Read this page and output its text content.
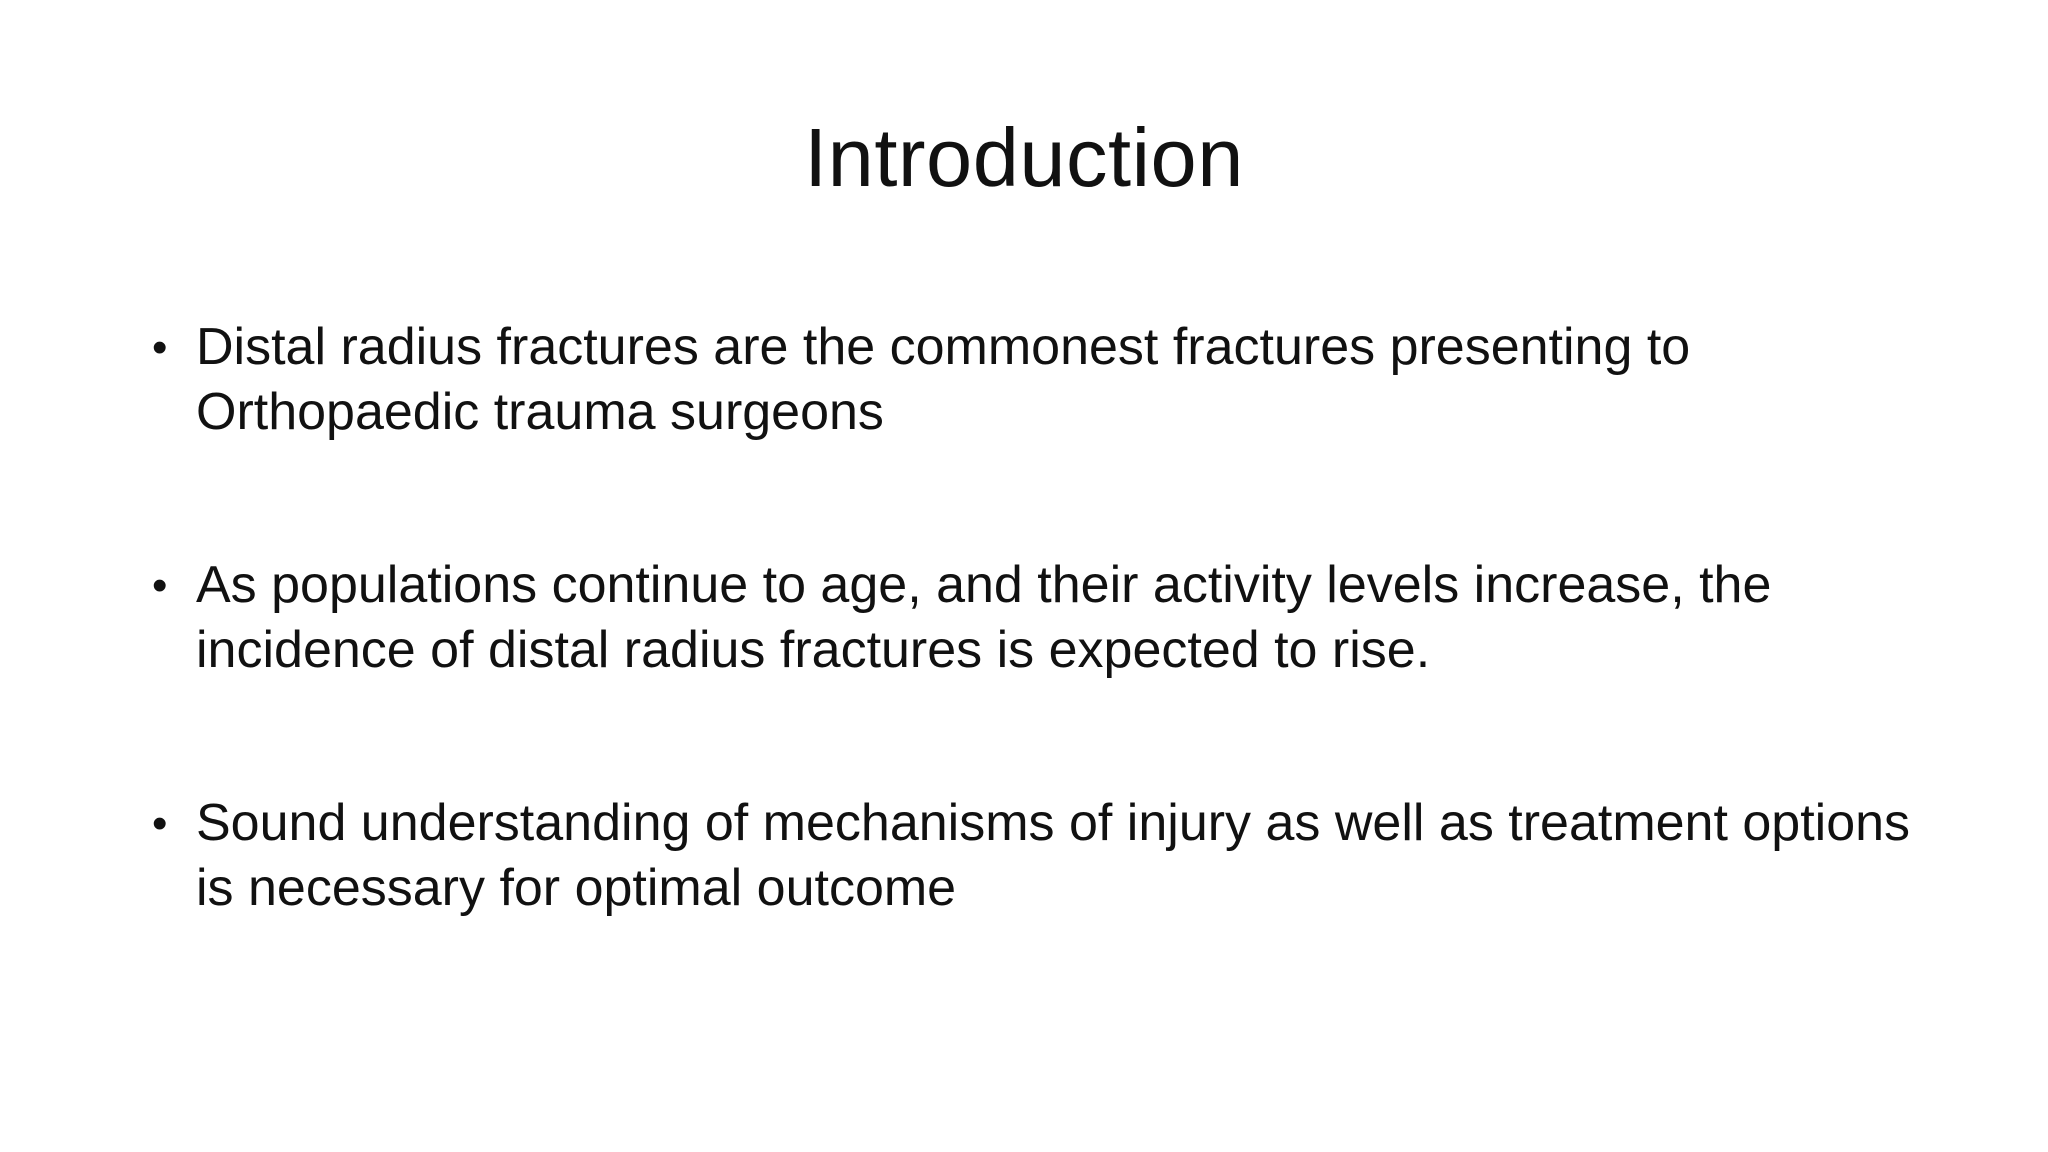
Introduction
• Distal radius fractures are the commonest fractures presenting to Orthopaedic trauma surgeons
• As populations continue to age, and their activity levels increase, the incidence of distal radius fractures is expected to rise.
• Sound understanding of mechanisms of injury as well as treatment options is necessary for optimal outcome
